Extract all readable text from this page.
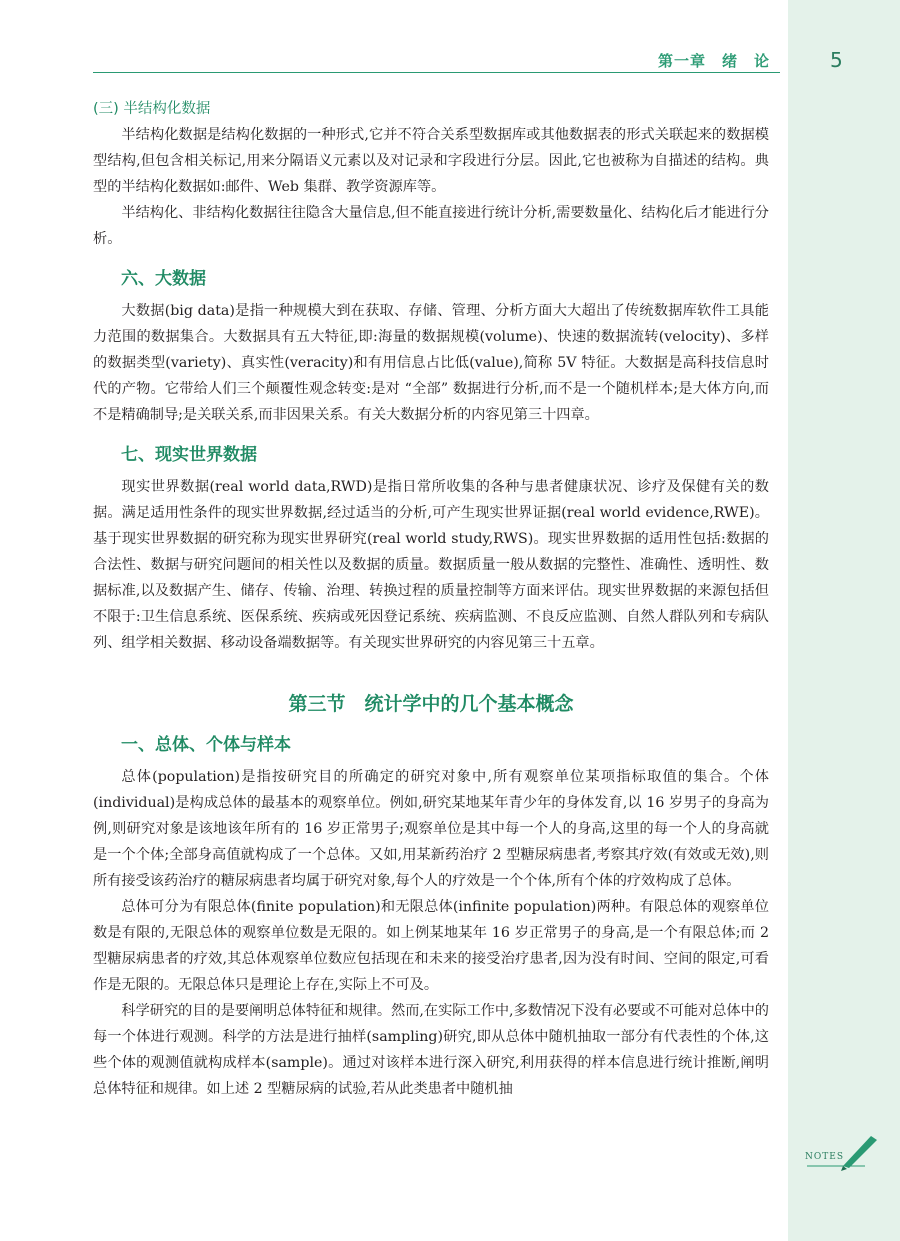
第一章　绪　论	5
(三) 半结构化数据

半结构化数据是结构化数据的一种形式,它并不符合关系型数据库或其他数据表的形式关联起来的数据模型结构,但包含相关标记,用来分隔语义元素以及对记录和字段进行分层。因此,它也被称为自描述的结构。典型的半结构化数据如:邮件、Web 集群、教学资源库等。

半结构化、非结构化数据往往隐含大量信息,但不能直接进行统计分析,需要数量化、结构化后才能进行分析。

六、大数据

大数据(big data)是指一种规模大到在获取、存储、管理、分析方面大大超出了传统数据库软件工具能力范围的数据集合。大数据具有五大特征,即:海量的数据规模(volume)、快速的数据流转(velocity)、多样的数据类型(variety)、真实性(veracity)和有用信息占比低(value),简称 5V 特征。大数据是高科技信息时代的产物。它带给人们三个颠覆性观念转变:是对 “全部” 数据进行分析,而不是一个随机样本;是大体方向,而不是精确制导;是关联关系,而非因果关系。有关大数据分析的内容见第三十四章。

七、现实世界数据

现实世界数据(real world data,RWD)是指日常所收集的各种与患者健康状况、诊疗及保健有关的数据。满足适用性条件的现实世界数据,经过适当的分析,可产生现实世界证据(real world evidence,RWE)。基于现实世界数据的研究称为现实世界研究(real world study,RWS)。现实世界数据的适用性包括:数据的合法性、数据与研究问题间的相关性以及数据的质量。数据质量一般从数据的完整性、准确性、透明性、数据标准,以及数据产生、储存、传输、治理、转换过程的质量控制等方面来评估。现实世界数据的来源包括但不限于:卫生信息系统、医保系统、疾病或死因登记系统、疾病监测、不良反应监测、自然人群队列和专病队列、组学相关数据、移动设备端数据等。有关现实世界研究的内容见第三十五章。

第三节　统计学中的几个基本概念
一、总体、个体与样本

总体(population)是指按研究目的所确定的研究对象中,所有观察单位某项指标取值的集合。个体(individual)是构成总体的最基本的观察单位。例如,研究某地某年青少年的身体发育,以 16 岁男子的身高为例,则研究对象是该地该年所有的 16 岁正常男子;观察单位是其中每一个人的身高,这里的每一个人的身高就是一个个体;全部身高值就构成了一个总体。又如,用某新药治疗 2 型糖尿病患者,考察其疗效(有效或无效),则所有接受该药治疗的糖尿病患者均属于研究对象,每个人的疗效是一个个体,所有个体的疗效构成了总体。

总体可分为有限总体(finite population)和无限总体(infinite population)两种。有限总体的观察单位数是有限的,无限总体的观察单位数是无限的。如上例某地某年 16 岁正常男子的身高,是一个有限总体;而 2 型糖尿病患者的疗效,其总体观察单位数应包括现在和未来的接受治疗患者,因为没有时间、空间的限定,可看作是无限的。无限总体只是理论上存在,实际上不可及。

科学研究的目的是要阐明总体特征和规律。然而,在实际工作中,多数情况下没有必要或不可能对总体中的每一个体进行观测。科学的方法是进行抽样(sampling)研究,即从总体中随机抽取一部分有代表性的个体,这些个体的观测值就构成样本(sample)。通过对该样本进行深入研究,利用获得的样本信息进行统计推断,阐明总体特征和规律。如上述 2 型糖尿病的试验,若从此类患者中随机抽

NOTES
